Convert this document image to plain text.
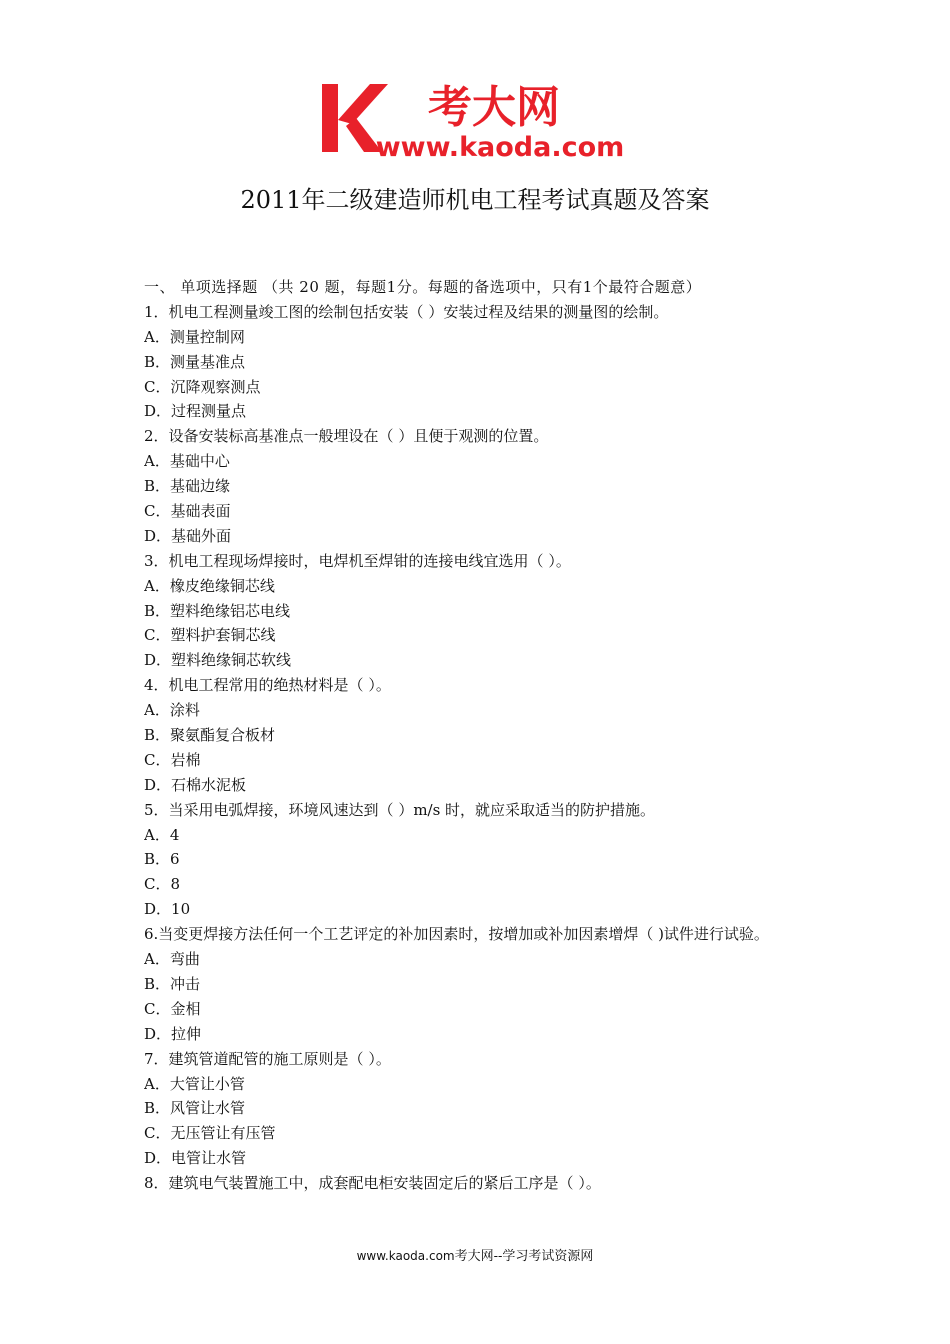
考大网
www.kaoda.com
2011年二级建造师机电工程考试真题及答案
一、 单项选择题 （共 20 题，每题1分。每题的备选项中，只有1个最符合题意）
1．机电工程测量竣工图的绘制包括安装（ ）安装过程及结果的测量图的绘制。
A．测量控制网
B．测量基准点
C．沉降观察测点
D．过程测量点
2．设备安装标高基准点一般埋设在（ ）且便于观测的位置。
A．基础中心
B．基础边缘
C．基础表面
D．基础外面
3．机电工程现场焊接时，电焊机至焊钳的连接电线宜选用（ ）。
A．橡皮绝缘铜芯线
B．塑料绝缘铝芯电线
C．塑料护套铜芯线
D．塑料绝缘铜芯软线
4．机电工程常用的绝热材料是（ ）。
A．涂料
B．聚氨酯复合板材
C．岩棉
D．石棉水泥板
5．当采用电弧焊接，环境风速达到（ ）m/s 时，就应采取适当的防护措施。
A．4
B．6
C．8
D．10
6.当变更焊接方法任何一个工艺评定的补加因素时，按增加或补加因素增焊（ )试件进行试验。
A．弯曲
B．冲击
C．金相
D．拉伸
7．建筑管道配管的施工原则是（ ）。
A．大管让小管
B．风管让水管
C．无压管让有压管
D．电管让水管
8．建筑电气装置施工中，成套配电柜安装固定后的紧后工序是（ ）。
www.kaoda.com考大网--学习考试资源网
